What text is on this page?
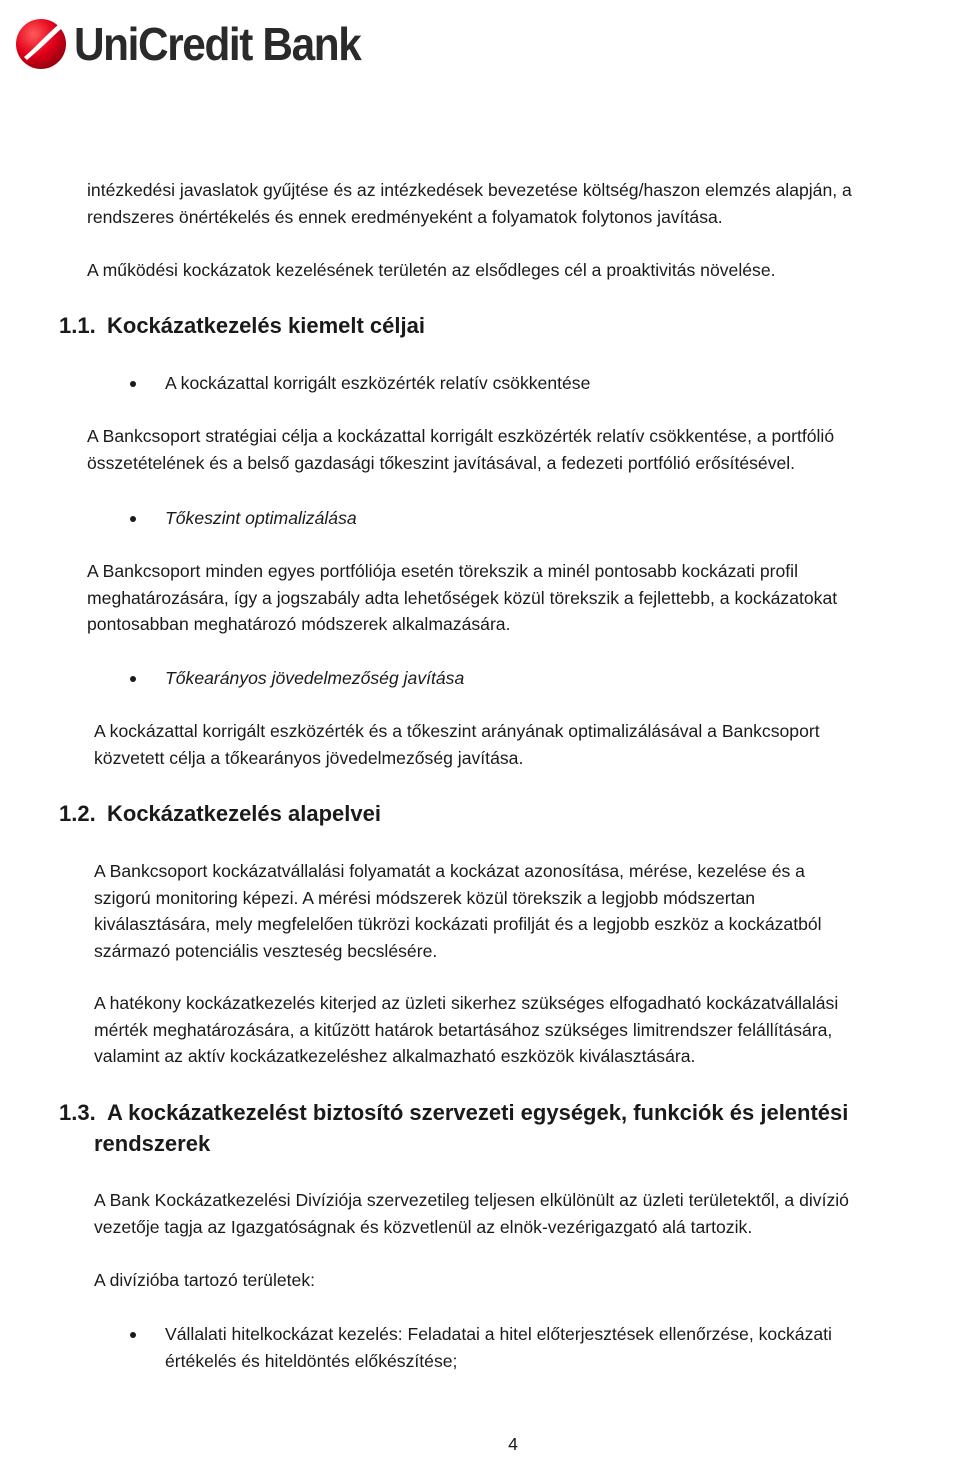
UniCredit Bank

intézkedési javaslatok gyűjtése és az intézkedések bevezetése költség/haszon elemzés alapján, a

rendszeres önértékelés és ennek eredményeként a folyamatok folytonos javítása.

A működési kockázatok kezelésének területén az elsődleges cél a proaktivitás növelése.

1.1. Kockázatkezelés kiemelt céljai
A kockázattal korrigált eszközérték relatív csökkentése

A Bankcsoport stratégiai célja a kockázattal korrigált eszközérték relatív csökkentése, a portfólió

összetételének és a belső gazdasági tőkeszint javításával, a fedezeti portfólió erősítésével.

Tőkeszint optimalizálása

A Bankcsoport minden egyes portfóliója esetén törekszik a minél pontosabb kockázati profil

meghatározására, így a jogszabály adta lehetőségek közül törekszik a fejlettebb, a kockázatokat

pontosabban meghatározó módszerek alkalmazására.

Tőkearányos jövedelmezőség javítása

A kockázattal korrigált eszközérték és a tőkeszint arányának optimalizálásával a Bankcsoport

közvetett célja a tőkearányos jövedelmezőség javítása.

1.2. Kockázatkezelés alapelvei

A Bankcsoport kockázatvállalási folyamatát a kockázat azonosítása, mérése, kezelése és a

szigorú monitoring képezi. A mérési módszerek közül törekszik a legjobb módszertan

kiválasztására, mely megfelelően tükrözi kockázati profilját és a legjobb eszköz a kockázatból

származó potenciális veszteség becslésére.

A hatékony kockázatkezelés kiterjed az üzleti sikerhez szükséges elfogadható kockázatvállalási

mérték meghatározására, a kitűzött határok betartásához szükséges limitrendszer felállítására,

valamint az aktív kockázatkezeléshez alkalmazható eszközök kiválasztására.

1.3. A kockázatkezelést biztosító szervezeti egységek, funkciók és jelentési
rendszerek

A Bank Kockázatkezelési Divíziója szervezetileg teljesen elkülönült az üzleti területektől, a divízió

vezetője tagja az Igazgatóságnak és közvetlenül az elnök-vezérigazgató alá tartozik.

A divízióba tartozó területek:

Vállalati hitelkockázat kezelés: Feladatai a hitel előterjesztések ellenőrzése, kockázati
értékelés és hiteldöntés előkészítése;
4
